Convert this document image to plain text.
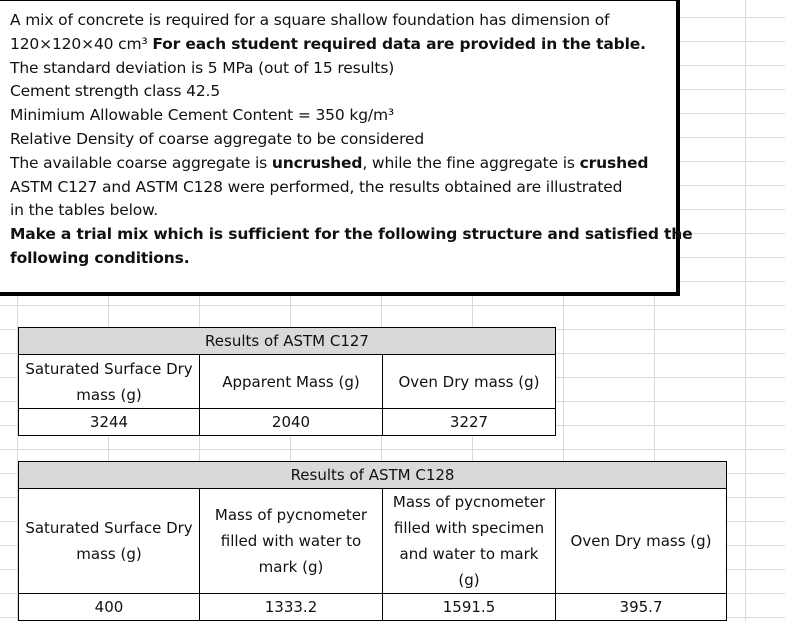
A mix of concrete is required for a square shallow foundation has dimension of
120×120×40 cm³ For each student required data are provided in the table.
The standard deviation is 5 MPa (out of 15 results)
Cement strength class 42.5
Minimium Allowable Cement Content = 350 kg/m³
Relative Density of coarse aggregate to be considered
The available coarse aggregate is uncrushed, while the fine aggregate is crushed
ASTM C127 and ASTM C128 were performed, the results obtained are illustrated
in the tables below.
Make a trial mix which is sufficient for the following structure and satisfied the
following conditions.
Results of ASTM C127		
Saturated Surface Dry mass (g)	Apparent Mass (g)	Oven Dry mass (g)
3244	2040	3227
Results of ASTM C128			
Saturated Surface Dry mass (g)	Mass of pycnometer filled with water to mark (g)	Mass of pycnometer filled with specimen and water to mark (g)	Oven Dry mass (g)
400	1333.2	1591.5	395.7
